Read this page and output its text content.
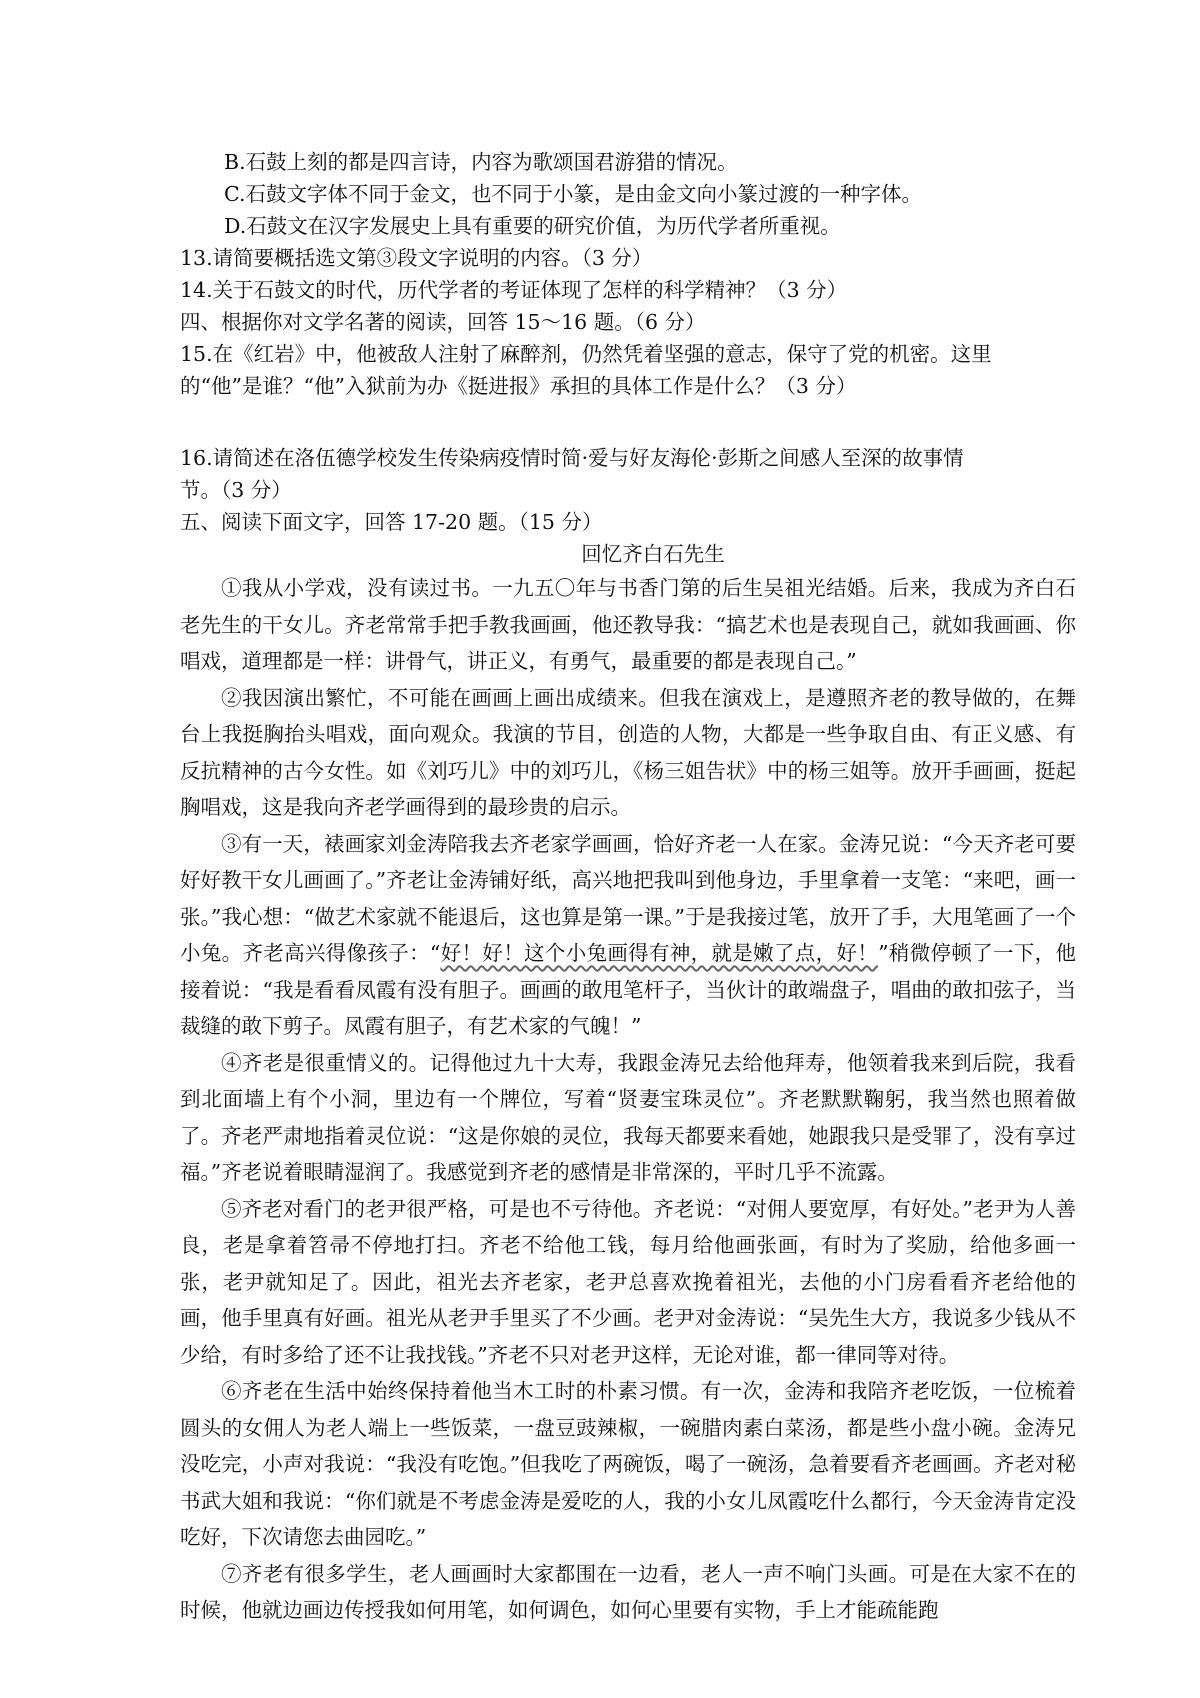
B.石鼓上刻的都是四言诗，内容为歌颂国君游猎的情况。
C.石鼓文字体不同于金文，也不同于小篆，是由金文向小篆过渡的一种字体。
D.石鼓文在汉字发展史上具有重要的研究价值，为历代学者所重视。
13.请简要概括选文第③段文字说明的内容。（3 分）
14.关于石鼓文的时代，历代学者的考证体现了怎样的科学精神？（3 分）
四、根据你对文学名著的阅读，回答 15～16 题。（6 分）
15.在《红岩》中，他被敌人注射了麻醉剂，仍然凭着坚强的意志，保守了党的机密。这里
的“他”是谁？“他”入狱前为办《挺进报》承担的具体工作是什么？（3 分）
16.请简述在洛伍德学校发生传染病疫情时简·爱与好友海伦·彭斯之间感人至深的故事情
节。（3 分）
五、阅读下面文字，回答 17-20 题。（15 分）
回忆齐白石先生

①我从小学戏，没有读过书。一九五〇年与书香门第的后生吴祖光结婚。后来，我成为齐白石老先生的干女儿。齐老常常手把手教我画画，他还教导我：“搞艺术也是表现自己，就如我画画、你唱戏，道理都是一样：讲骨气，讲正义，有勇气，最重要的都是表现自己。”

②我因演出繁忙，不可能在画画上画出成绩来。但我在演戏上，是遵照齐老的教导做的，在舞台上我挺胸抬头唱戏，面向观众。我演的节目，创造的人物，大都是一些争取自由、有正义感、有反抗精神的古今女性。如《刘巧儿》中的刘巧儿，《杨三姐告状》中的杨三姐等。放开手画画，挺起胸唱戏，这是我向齐老学画得到的最珍贵的启示。

③有一天，裱画家刘金涛陪我去齐老家学画画，恰好齐老一人在家。金涛兄说：“今天齐老可要好好教干女儿画画了。”齐老让金涛铺好纸，高兴地把我叫到他身边，手里拿着一支笔：“来吧，画一张。”我心想：“做艺术家就不能退后，这也算是第一课。”于是我接过笔，放开了手，大甩笔画了一个小兔。齐老高兴得像孩子：“好！好！这个小兔画得有神，就是嫩了点，好！”稍微停顿了一下，他接着说：“我是看看凤霞有没有胆子。画画的敢甩笔杆子，当伙计的敢端盘子，唱曲的敢扣弦子，当裁缝的敢下剪子。凤霞有胆子，有艺术家的气魄！”

④齐老是很重情义的。记得他过九十大寿，我跟金涛兄去给他拜寿，他领着我来到后院，我看到北面墙上有个小洞，里边有一个牌位，写着“贤妻宝珠灵位”。齐老默默鞠躬，我当然也照着做了。齐老严肃地指着灵位说：“这是你娘的灵位，我每天都要来看她，她跟我只是受罪了，没有享过福。”齐老说着眼睛湿润了。我感觉到齐老的感情是非常深的，平时几乎不流露。

⑤齐老对看门的老尹很严格，可是也不亏待他。齐老说：“对佣人要宽厚，有好处。”老尹为人善良，老是拿着笤帚不停地打扫。齐老不给他工钱，每月给他画张画，有时为了奖励，给他多画一张，老尹就知足了。因此，祖光去齐老家，老尹总喜欢挽着祖光，去他的小门房看看齐老给他的画，他手里真有好画。祖光从老尹手里买了不少画。老尹对金涛说：“吴先生大方，我说多少钱从不少给，有时多给了还不让我找钱。”齐老不只对老尹这样，无论对谁，都一律同等对待。

⑥齐老在生活中始终保持着他当木工时的朴素习惯。有一次，金涛和我陪齐老吃饭，一位梳着圆头的女佣人为老人端上一些饭菜，一盘豆豉辣椒，一碗腊肉素白菜汤，都是些小盘小碗。金涛兄没吃完，小声对我说：“我没有吃饱。”但我吃了两碗饭，喝了一碗汤，急着要看齐老画画。齐老对秘书武大姐和我说：“你们就是不考虑金涛是爱吃的人，我的小女儿凤霞吃什么都行，今天金涛肯定没吃好，下次请您去曲园吃。”

⑦齐老有很多学生，老人画画时大家都围在一边看，老人一声不响门头画。可是在大家不在的时候，他就边画边传授我如何用笔，如何调色，如何心里要有实物，手上才能疏能跑
